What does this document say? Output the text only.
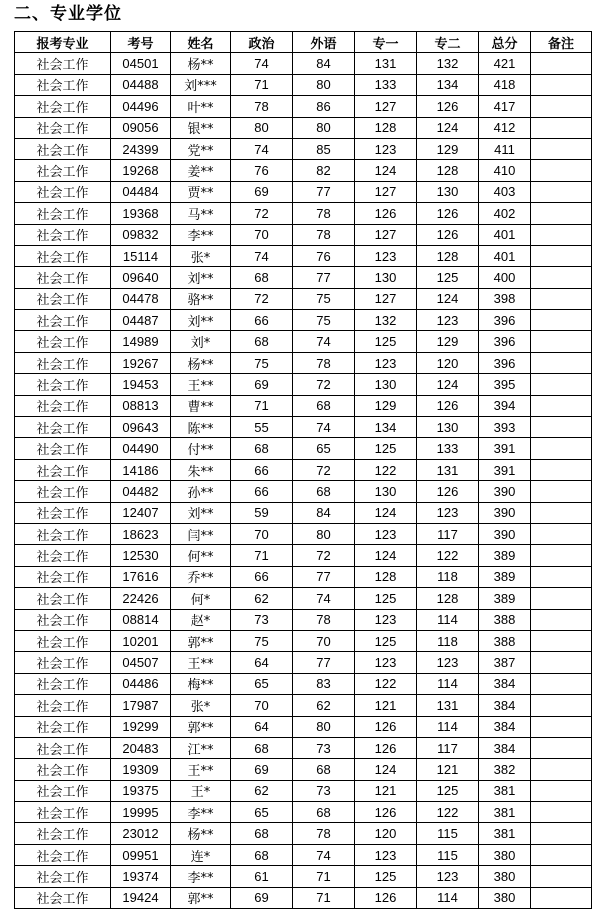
二、专业学位
报考专业	考号	姓名	政治	外语	专一	专二	总分	备注
社会工作	04501	杨**	74	84	131	132	421	
社会工作	04488	刘***	71	80	133	134	418	
社会工作	04496	叶**	78	86	127	126	417	
社会工作	09056	银**	80	80	128	124	412	
社会工作	24399	党**	74	85	123	129	411	
社会工作	19268	姜**	76	82	124	128	410	
社会工作	04484	贾**	69	77	127	130	403	
社会工作	19368	马**	72	78	126	126	402	
社会工作	09832	李**	70	78	127	126	401	
社会工作	15114	张*	74	76	123	128	401	
社会工作	09640	刘**	68	77	130	125	400	
社会工作	04478	骆**	72	75	127	124	398	
社会工作	04487	刘**	66	75	132	123	396	
社会工作	14989	刘*	68	74	125	129	396	
社会工作	19267	杨**	75	78	123	120	396	
社会工作	19453	王**	69	72	130	124	395	
社会工作	08813	曹**	71	68	129	126	394	
社会工作	09643	陈**	55	74	134	130	393	
社会工作	04490	付**	68	65	125	133	391	
社会工作	14186	朱**	66	72	122	131	391	
社会工作	04482	孙**	66	68	130	126	390	
社会工作	12407	刘**	59	84	124	123	390	
社会工作	18623	闫**	70	80	123	117	390	
社会工作	12530	何**	71	72	124	122	389	
社会工作	17616	乔**	66	77	128	118	389	
社会工作	22426	何*	62	74	125	128	389	
社会工作	08814	赵*	73	78	123	114	388	
社会工作	10201	郭**	75	70	125	118	388	
社会工作	04507	王**	64	77	123	123	387	
社会工作	04486	梅**	65	83	122	114	384	
社会工作	17987	张*	70	62	121	131	384	
社会工作	19299	郭**	64	80	126	114	384	
社会工作	20483	江**	68	73	126	117	384	
社会工作	19309	王**	69	68	124	121	382	
社会工作	19375	王*	62	73	121	125	381	
社会工作	19995	李**	65	68	126	122	381	
社会工作	23012	杨**	68	78	120	115	381	
社会工作	09951	连*	68	74	123	115	380	
社会工作	19374	李**	61	71	125	123	380	
社会工作	19424	郭**	69	71	126	114	380	
